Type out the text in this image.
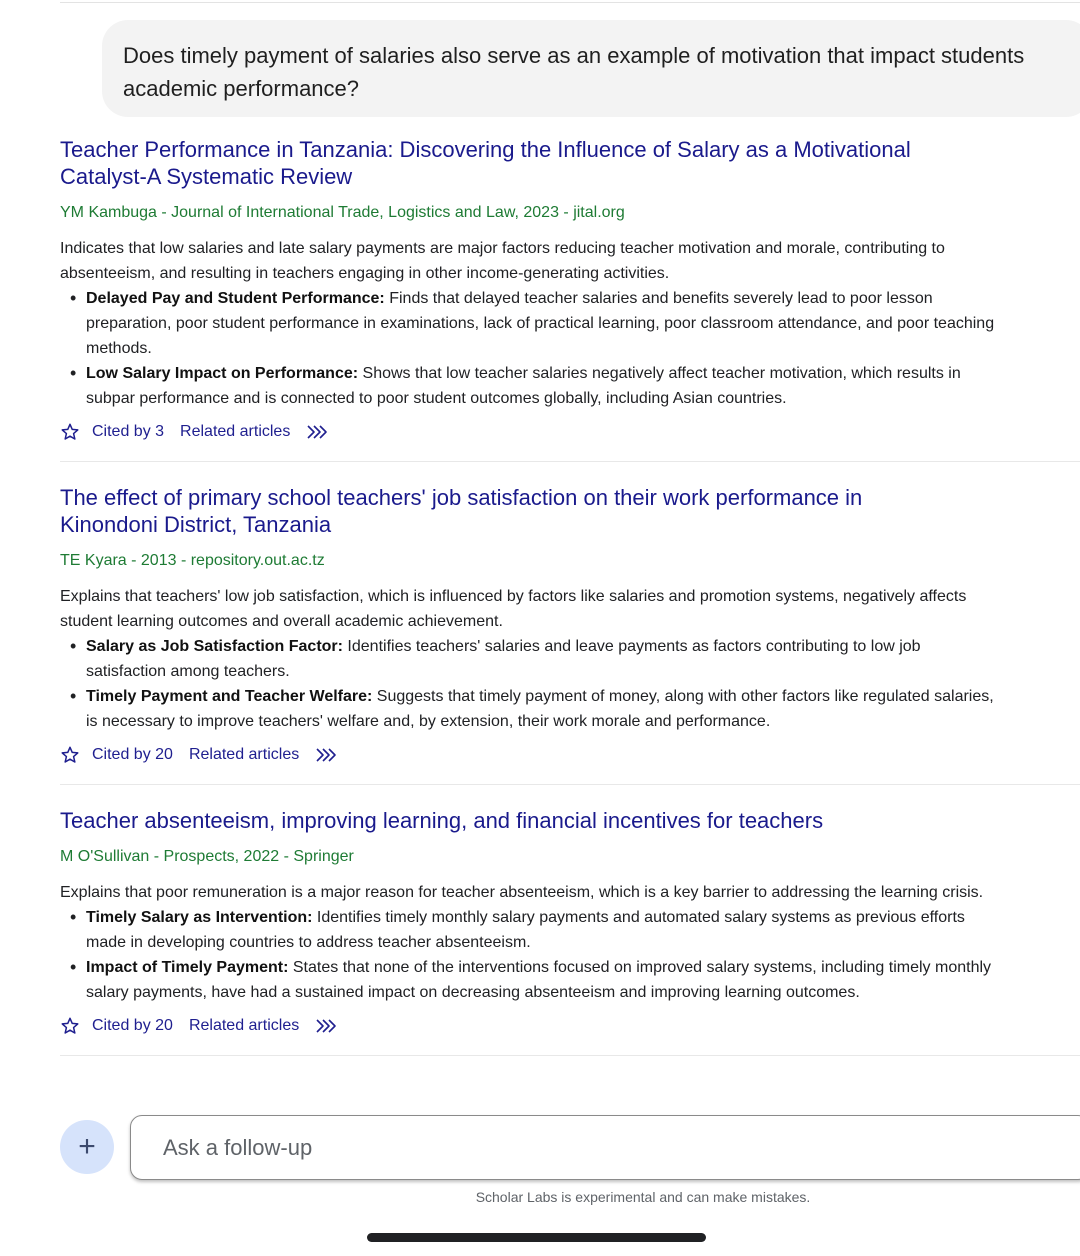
Does timely payment of salaries also serve as an example of motivation that impact students academic performance?
Teacher Performance in Tanzania: Discovering the Influence of Salary as a Motivational Catalyst-A Systematic Review
YM Kambuga - Journal of International Trade, Logistics and Law, 2023 - jital.org
Indicates that low salaries and late salary payments are major factors reducing teacher motivation and morale, contributing to absenteeism, and resulting in teachers engaging in other income-generating activities.
• Delayed Pay and Student Performance: Finds that delayed teacher salaries and benefits severely lead to poor lesson preparation, poor student performance in examinations, lack of practical learning, poor classroom attendance, and poor teaching methods.
• Low Salary Impact on Performance: Shows that low teacher salaries negatively affect teacher motivation, which results in subpar performance and is connected to poor student outcomes globally, including Asian countries.
Cited by 3 Related articles
The effect of primary school teachers' job satisfaction on their work performance in Kinondoni District, Tanzania
TE Kyara - 2013 - repository.out.ac.tz
Explains that teachers' low job satisfaction, which is influenced by factors like salaries and promotion systems, negatively affects student learning outcomes and overall academic achievement.
• Salary as Job Satisfaction Factor: Identifies teachers' salaries and leave payments as factors contributing to low job satisfaction among teachers.
• Timely Payment and Teacher Welfare: Suggests that timely payment of money, along with other factors like regulated salaries, is necessary to improve teachers' welfare and, by extension, their work morale and performance.
Cited by 20 Related articles
Teacher absenteeism, improving learning, and financial incentives for teachers
M O'Sullivan - Prospects, 2022 - Springer
Explains that poor remuneration is a major reason for teacher absenteeism, which is a key barrier to addressing the learning crisis.
• Timely Salary as Intervention: Identifies timely monthly salary payments and automated salary systems as previous efforts made in developing countries to address teacher absenteeism.
• Impact of Timely Payment: States that none of the interventions focused on improved salary systems, including timely monthly salary payments, have had a sustained impact on decreasing absenteeism and improving learning outcomes.
Cited by 20 Related articles
+
Ask a follow-up
Scholar Labs is experimental and can make mistakes.
